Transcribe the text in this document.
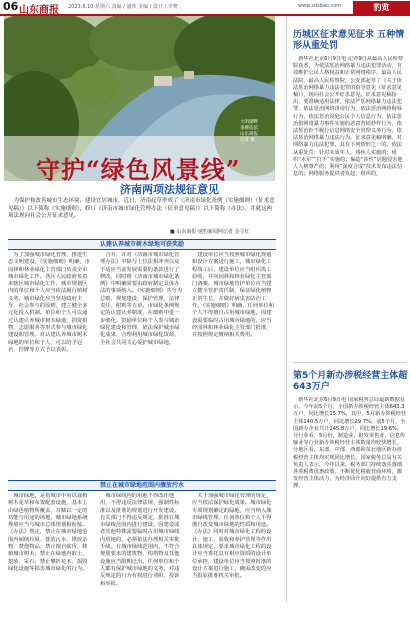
06 山东商报 2023.6.10 星期六 责编 / 潘欣 美编 / 设计 / 李骞	www.sdsbao.com	豹览
大明湖畔
垂柳依依
山东商报
记者 摄
守护“绿色风景线”
济南两项法规征意见
为保护和改善城市生态环境，建设宜居城市，近日，济南起草形成了《济南市绿化条例（实施细则）（征求意见稿）》以下简称《实施细则》，修订《济南市城市绿化管理办法（征求意见稿）》以下简称《办法》，并就这两项法规向社会公开征求意见。
■ 山东商报·速豹新闻网记者 金立红
认建认养城市树木绿地可获奖励
为了加强城市绿化管理，推进生态文明建设，《实施细则》明确，市园林和林业绿化主管部门负责全市城市绿化工作。各区人民政府负责本辖区城市绿化工作。城市规划区内的单位和个人应当依法履行植树义务。城市绿化应当坚持政府主导、社会参与的原则，建立健全多元化投入机制。单位和个人可以通过认建认养城市树木绿地、捐资捐物、志愿服务等形式参与城市绿化建设和管理。对认建认养城市树木绿地的单位和个人，可以给予冠名、挂牌等方式予以表彰。
合并，并对《济南市城市绿化管理办法》中除与上位法相冲突以及不适应当前发展需要的条款进行了修改，同时将《济南市城市绿化条例》中明确需要由政府制定具体办法的事项纳入。《实施细则》共分为总则、规划建设、保护管理、法律责任、附则等五章。市绿化条例规定的认建认养制度，在细则中进一步细化。鼓励单位和个人参与城市绿化建设和管理，依法保护城市绿化成果，合理利用城市绿化资源，全社会共同关心爱护城市绿地。
建设单位应当按照城市绿化规划和设计方案进行施工，城市绿化工程竣工后，建设单位应当组织竣工验收，并向园林和林业绿化主管部门备案。城市绿地管护单位应当建立健全管护责任制，保证绿化植物正常生长，并做好病虫害防治工作。《实施细则》明确，任何单位和个人不得擅自占用城市绿地，因建设需要临时占用城市绿地的，应当经园林和林业绿化主管部门批准，并按照规定缴纳相关费用。
禁止在城市绿地范围内擅放污水
城市绿地，是指城市中用以栽植树木花草和布置配套设施，基本上由绿色植物所覆盖，并赋以一定的功能与用途的场地。城市绿地系统规划应当与城市总体规划相衔接。《办法》规定，禁止在城市绿地范围内倾倒垃圾、排放污水、堆放杂物、焚烧物品；禁止擅自砍伐、移植城市树木；禁止在绿地内取土、挖砂、采石；禁止攀折花木、损毁绿化设施等损害城市绿化的行为。
城市绿线内的用地不得改作他用，不得违反法律法规、强制性标准以及批准的规划进行开发建设。有关部门不得违反规定，批准在城市绿线范围内进行建设。因建设或者其他特殊需要临时占用城市绿线内用地的，必须依法办理相关审批手续。在城市绿线范围内，不符合规划要求的建筑物、构筑物及其他设施应当限期迁出。任何单位和个人都有保护城市绿地的义务，对违反规定的行为有权进行劝阻、投诉和举报。
关于加强城市绿化管理的规定，应当依法保护绿化成果。城市绿化专项规划确定的绿地，应当纳入城市绿线管理。任何单位和个人不得擅自改变城市绿地的性质和用途。《办法》同时对城市绿化工程的设计、施工、验收和养护管理等作出具体规定，要求城市绿化工程的设计应当委托具有相应资质的设计单位承担，建设单位应当按照批准的设计方案进行施工，确需改变的应当报原批准机关审批。
历城区征求意见征求 五种情形从重处罚
新华社北京6月9日电 记者9日从最高人民检察院获悉，为依法惩治网络暴力违法犯罪活动，有效维护公民人格权益和正常网络秩序，最高人民法院、最高人民检察院、公安部起草了《关于依法惩治网络暴力违法犯罪的指导意见（征求意见稿）》，现向社会公开征求意见。征求意见稿指出，要准确适用法律，依法严惩网络暴力违法犯罪，依法惩治网络诽谤行为，依法惩治网络侮辱行为，依法惩治侵犯公民个人信息行为，依法惩治借网络暴力事件实施的恶意营销炒作行为，依法惩治拒不履行信息网络安全管理义务行为，依法惩治网络暴力违法行为。征求意见稿明确，对网络暴力违法犯罪，具有下列情形之一的，依法从重处罚：针对未成年人、残疾人实施的；组织“水军”“打手”实施的；编造“涉性”话题侵害他人人格尊严的；利用“深度合成”技术发布违法信息的；网络服务提供者发起、组织的。
第5个月新办涉税经营主体超643万户
新华社北京6月9日电 国家税务总局最新数据显示，今年前5个月，全国新办涉税经营主体643.3万户，同比增长15.7%，其中，5月新办涉税经营主体140.5万户，同比增长29.7%。前5个月，全国新办企业共计245.8万户，同比增长19.6%。分行业看，5月份，制造业、批发零售业、信息传输业等行业新办涉税经营主体数量均较快增长。分地区看，东部、中部、西部和东北地区新办涉税经营主体均实现同比增长。国家税务总局有关负责人表示，今年以来，税务部门持续落实落细各项税费优惠政策，不断优化税收营商环境，激发经营主体活力，为经济回升向好提供有力支撑。
